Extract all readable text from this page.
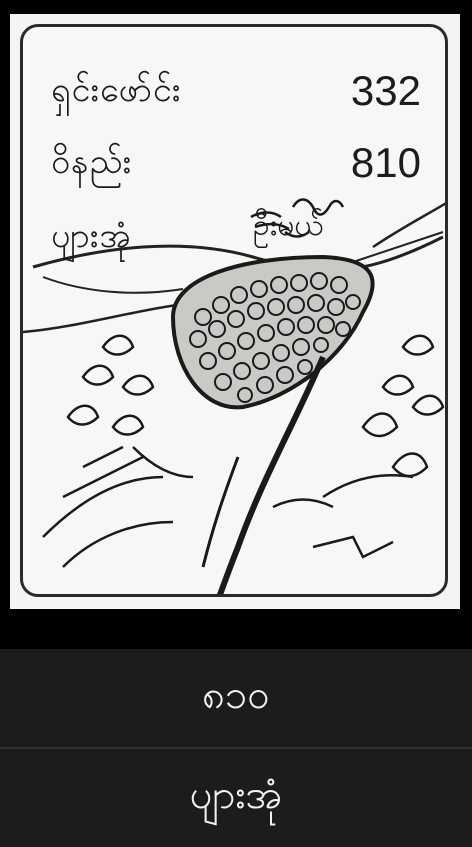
ရှင်းဖော်င်း	332
ဝိနည်း	810
ပျားအုံ	ဦးမယ်
၈၁၀
ပျားအုံ
